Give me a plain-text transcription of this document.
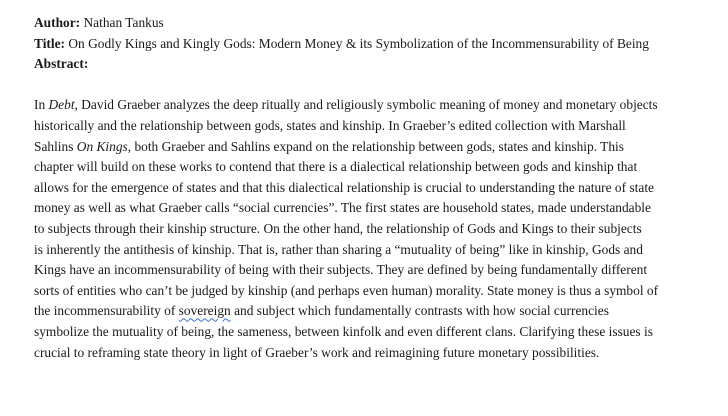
Author: Nathan Tankus
Title: On Godly Kings and Kingly Gods: Modern Money & its Symbolization of the Incommensurability of Being
Abstract:
In Debt, David Graeber analyzes the deep ritually and religiously symbolic meaning of money and monetary objects
historically and the relationship between gods, states and kinship. In Graeber’s edited collection with Marshall
Sahlins On Kings, both Graeber and Sahlins expand on the relationship between gods, states and kinship. This
chapter will build on these works to contend that there is a dialectical relationship between gods and kinship that
allows for the emergence of states and that this dialectical relationship is crucial to understanding the nature of state
money as well as what Graeber calls “social currencies”. The first states are household states, made understandable
to subjects through their kinship structure. On the other hand, the relationship of Gods and Kings to their subjects
is inherently the antithesis of kinship. That is, rather than sharing a “mutuality of being” like in kinship, Gods and
Kings have an incommensurability of being with their subjects. They are defined by being fundamentally different
sorts of entities who can’t be judged by kinship (and perhaps even human) morality. State money is thus a symbol of
the incommensurability of sovereign and subject which fundamentally contrasts with how social currencies
symbolize the mutuality of being, the sameness, between kinfolk and even different clans. Clarifying these issues is
crucial to reframing state theory in light of Graeber’s work and reimagining future monetary possibilities.
